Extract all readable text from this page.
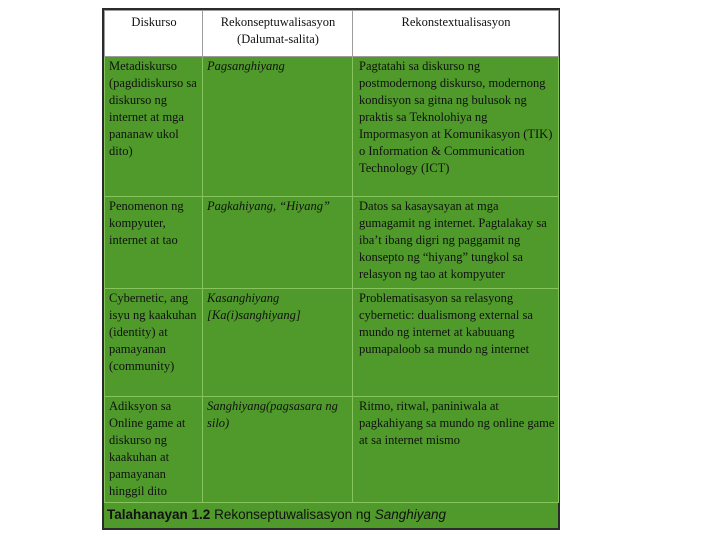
Diskurso	Rekonseptuwalisasyon (Dalumat-salita)	Rekonstextualisasyon
Metadiskurso (pagdidiskurso sa diskurso ng internet at mga pananaw ukol dito)	Pagsanghiyang	Pagtatahi sa diskurso ng postmodernong diskurso, modernong kondisyon sa gitna ng bulusok ng praktis sa Teknolohiya ng Impormasyon at Komunikasyon (TIK) o Information & Communication Technology (ICT)
Penomenon ng kompyuter, internet at tao	Pagkahiyang, “Hiyang”	Datos sa kasaysayan at mga gumagamit ng internet. Pagtalakay sa iba’t ibang digri ng paggamit ng konsepto ng “hiyang” tungkol sa relasyon ng tao at kompyuter
Cybernetic, ang isyu ng kaakuhan (identity) at pamayanan (community)	Kasanghiyang [Ka(i)sanghiyang]	Problematisasyon sa relasyong cybernetic: dualismong external sa mundo ng internet at kabuuang pumapaloob sa mundo ng internet
Adiksyon sa Online game at diskurso ng kaakuhan at pamayanan hinggil dito	Sanghiyang(pagsasara ng silo)	Ritmo, ritwal, paniniwala at pagkahiyang sa mundo ng online game at sa internet mismo
Talahanayan 1.2 Rekonseptuwalisasyon ng Sanghiyang
